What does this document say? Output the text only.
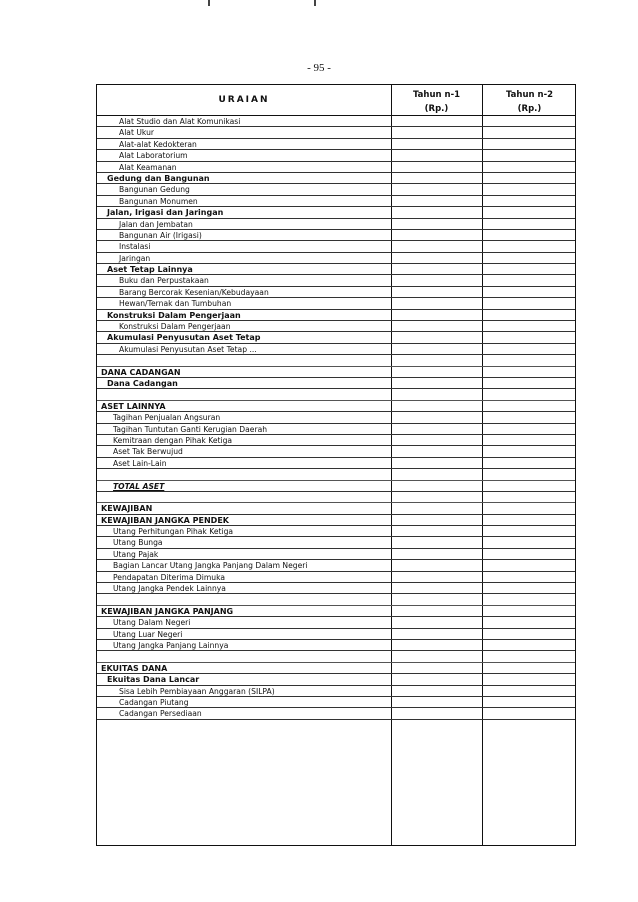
- 95 -
URAIAN	Tahun n-1
(Rp.)
Tahun n-2
(Rp.)
Alat Studio dan Alat Komunikasi
Alat Ukur
Alat-alat Kedokteran
Alat Laboratorium
Alat Keamanan
Gedung dan Bangunan
Bangunan Gedung
Bangunan Monumen
Jalan, Irigasi dan Jaringan
Jalan dan Jembatan
Bangunan Air (Irigasi)
Instalasi
Jaringan
Aset Tetap Lainnya
Buku dan Perpustakaan
Barang Bercorak Kesenian/Kebudayaan
Hewan/Ternak dan Tumbuhan
Konstruksi Dalam Pengerjaan
Konstruksi Dalam Pengerjaan
Akumulasi Penyusutan Aset Tetap
Akumulasi Penyusutan Aset Tetap ...
DANA CADANGAN
Dana Cadangan
ASET LAINNYA
Tagihan Penjualan Angsuran
Tagihan Tuntutan Ganti Kerugian Daerah
Kemitraan dengan Pihak Ketiga
Aset Tak Berwujud
Aset Lain-Lain
TOTAL ASET
KEWAJIBAN
KEWAJIBAN JANGKA PENDEK
Utang Perhitungan Pihak Ketiga
Utang Bunga
Utang Pajak
Bagian Lancar Utang Jangka Panjang Dalam Negeri
Pendapatan Diterima Dimuka
Utang Jangka Pendek Lainnya
KEWAJIBAN JANGKA PANJANG
Utang Dalam Negeri
Utang Luar Negeri
Utang Jangka Panjang Lainnya
EKUITAS DANA
Ekuitas Dana Lancar
Sisa Lebih Pembiayaan Anggaran (SILPA)
Cadangan Piutang
Cadangan Persediaan
